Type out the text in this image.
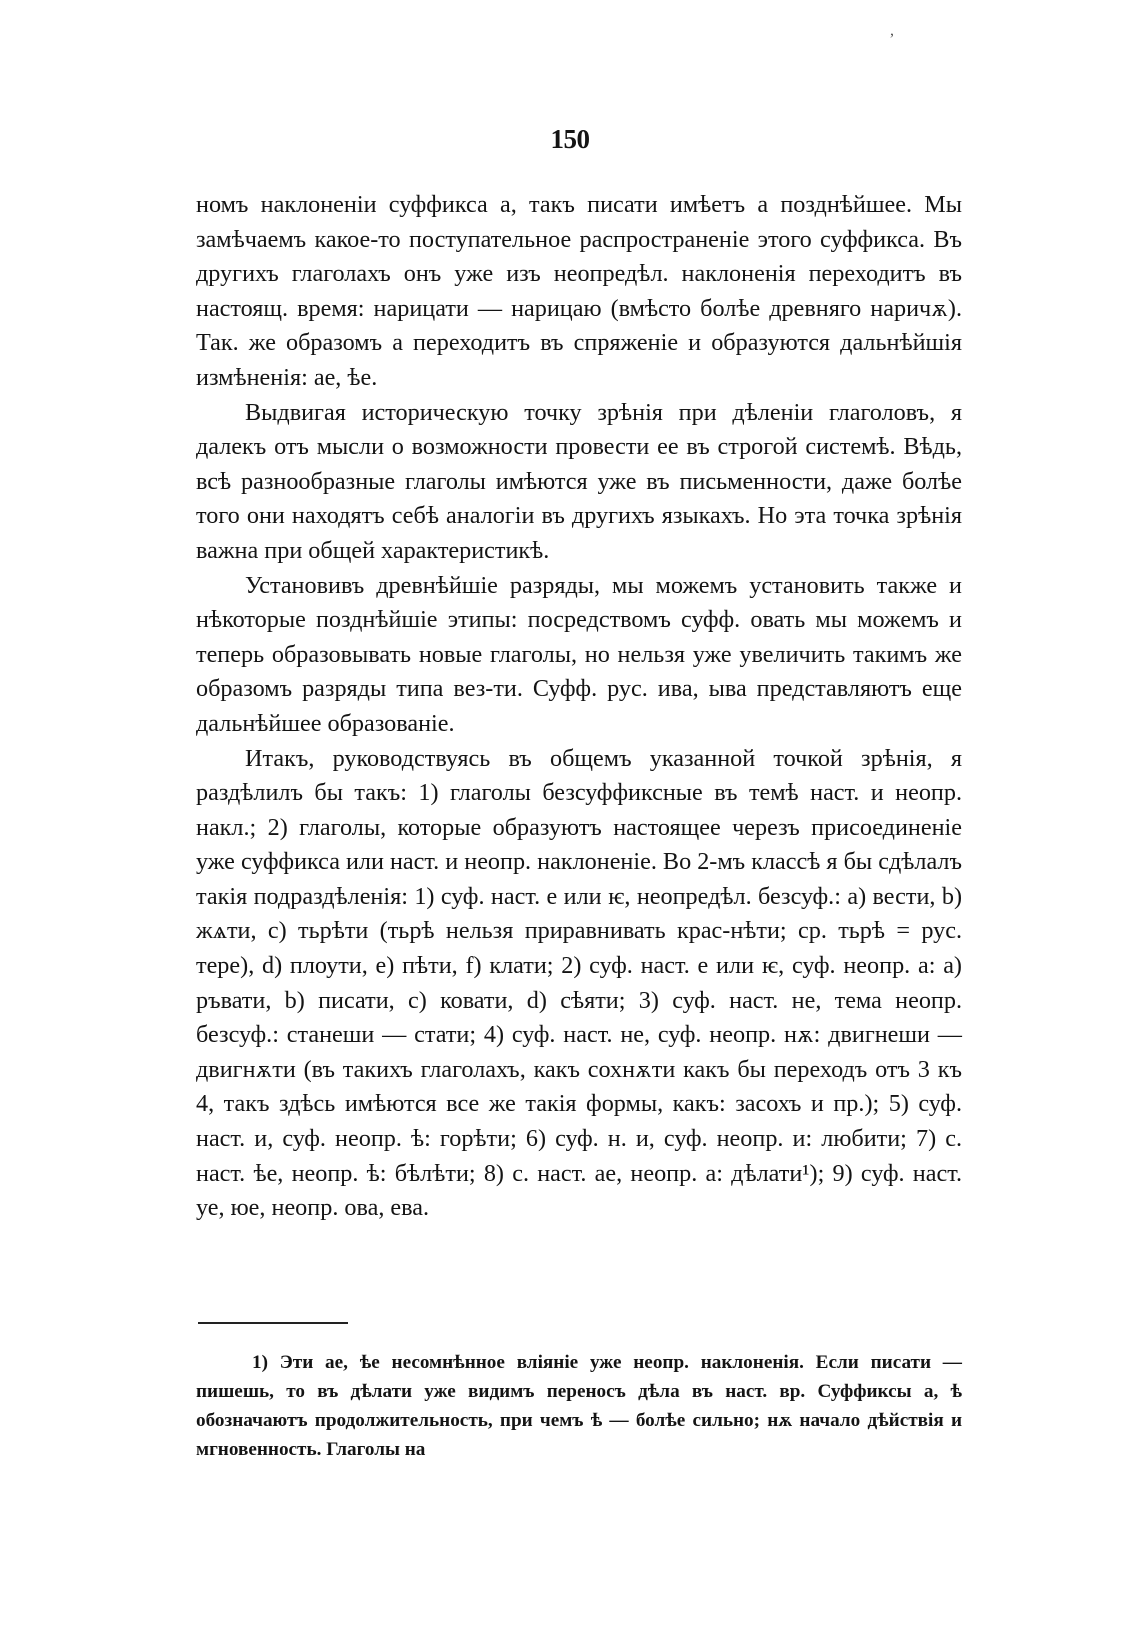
,
150

номъ наклоненіи суффикса а, такъ писати имѣетъ а позднѣйшее. Мы замѣчаемъ какое-то поступательное распространеніе этого суффикса. Въ другихъ глаголахъ онъ уже изъ неопредѣл. наклоненія переходитъ въ настоящ. время: нарицати — нарицаю (вмѣсто болѣе древняго наричѫ). Так. же образомъ а переходитъ въ спряженіе и образуются дальнѣйшія измѣненія: ае, ѣе.

Выдвигая историческую точку зрѣнія при дѣленіи глаголовъ, я далекъ отъ мысли о возможности провести ее въ строгой системѣ. Вѣдь, всѣ разнообразные глаголы имѣются уже въ письменности, даже болѣе того они находятъ себѣ аналогіи въ другихъ языкахъ. Но эта точка зрѣнія важна при общей характеристикѣ.

Установивъ древнѣйшіе разряды, мы можемъ установить также и нѣкоторые позднѣйшіе этипы: посредствомъ суфф. овать мы можемъ и теперь образовывать новые глаголы, но нельзя уже увеличить такимъ же образомъ разряды типа вез-ти. Суфф. рус. ива, ыва представляютъ еще дальнѣйшее образованіе.

Итакъ, руководствуясь въ общемъ указанной точкой зрѣнія, я раздѣлилъ бы такъ: 1) глаголы безсуффиксные въ темѣ наст. и неопр. накл.; 2) глаголы, которые образуютъ настоящее черезъ присоединеніе уже суффикса или наст. и неопр. наклоненіе. Во 2-мъ классѣ я бы сдѣлалъ такія подраздѣленія: 1) суф. наст. е или ѥ, неопредѣл. безсуф.: a) вести, b) жѧти, c) тьрѣти (тьрѣ нельзя приравнивать крас-нѣти; ср. тьрѣ = рус. тере), d) плоути, e) пѣти, f) клати; 2) суф. наст. е или ѥ, суф. неопр. а: a) ръвати, b) писати, c) ковати, d) сѣяти; 3) суф. наст. не, тема неопр. безсуф.: станеши — стати; 4) суф. наст. не, суф. неопр. нѫ: двигнеши — двигнѫти (въ такихъ глаголахъ, какъ сохнѫти какъ бы переходъ отъ 3 къ 4, такъ здѣсь имѣются все же такія формы, какъ: засохъ и пр.); 5) суф. наст. и, суф. неопр. ѣ: горѣти; 6) суф. н. и, суф. неопр. и: любити; 7) с. наст. ѣе, неопр. ѣ: бѣлѣти; 8) с. наст. ае, неопр. а: дѣлати¹); 9) суф. наст. уе, юе, неопр. ова, ева.

1) Эти ае, ѣе несомнѣнное вліяніе уже неопр. наклоненія. Если писати — пишешь, то въ дѣлати уже видимъ переносъ дѣла въ наст. вр. Суффиксы а, ѣ обозначаютъ продолжительность, при чемъ ѣ — болѣе сильно; нѫ начало дѣйствія и мгновенность. Глаголы на
